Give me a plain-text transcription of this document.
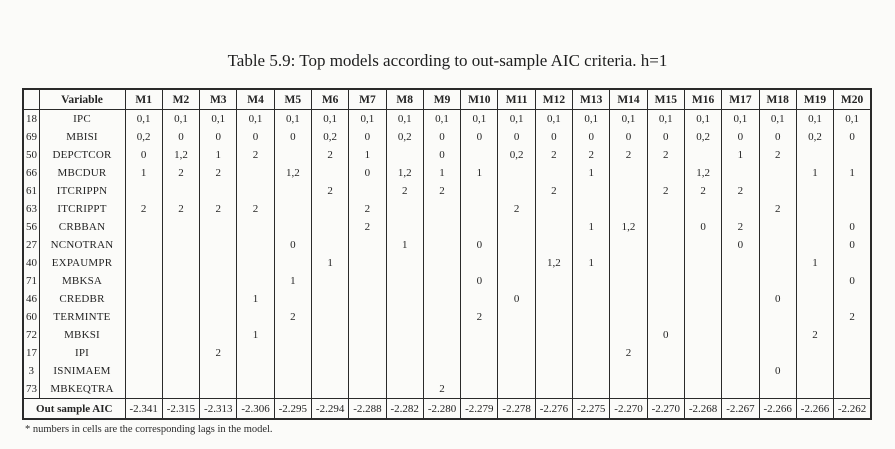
Table 5.9: Top models according to out-sample AIC criteria. h=1
	Variable	M1	M2	M3	M4	M5	M6	M7	M8	M9	M10	M11	M12	M13	M14	M15	M16	M17	M18	M19	M20
18	IPC	0,1	0,1	0,1	0,1	0,1	0,1	0,1	0,1	0,1	0,1	0,1	0,1	0,1	0,1	0,1	0,1	0,1	0,1	0,1	0,1
69	MBISI	0,2	0	0	0	0	0,2	0	0,2	0	0	0	0	0	0	0	0,2	0	0	0,2	0
50	DEPCTCOR	0	1,2	1	2		2	1		0		0,2	2	2	2	2		1	2		
66	MBCDUR	1	2	2		1,2		0	1,2	1	1			1			1,2			1	1
61	ITCRIPPN						2		2	2			2			2	2	2			
63	ITCRIPPT	2	2	2	2			2				2							2		
56	CRBBAN							2						1	1,2		0	2			0
27	NCNOTRAN					0			1		0							0			0
40	EXPAUMPR						1						1,2	1						1	
71	MBKSA					1					0										0
46	CREDBR				1							0							0		
60	TERMINTE					2					2										2
72	MBKSI				1											0				2	
17	IPI			2											2						
3	ISNIMAEM																		0		
73	MBKEQTRA									2											
Out sample AIC		-2.341	-2.315	-2.313	-2.306	-2.295	-2.294	-2.288	-2.282	-2.280	-2.279	-2.278	-2.276	-2.275	-2.270	-2.270	-2.268	-2.267	-2.266	-2.266	-2.262
* numbers in cells are the corresponding lags in the model.
